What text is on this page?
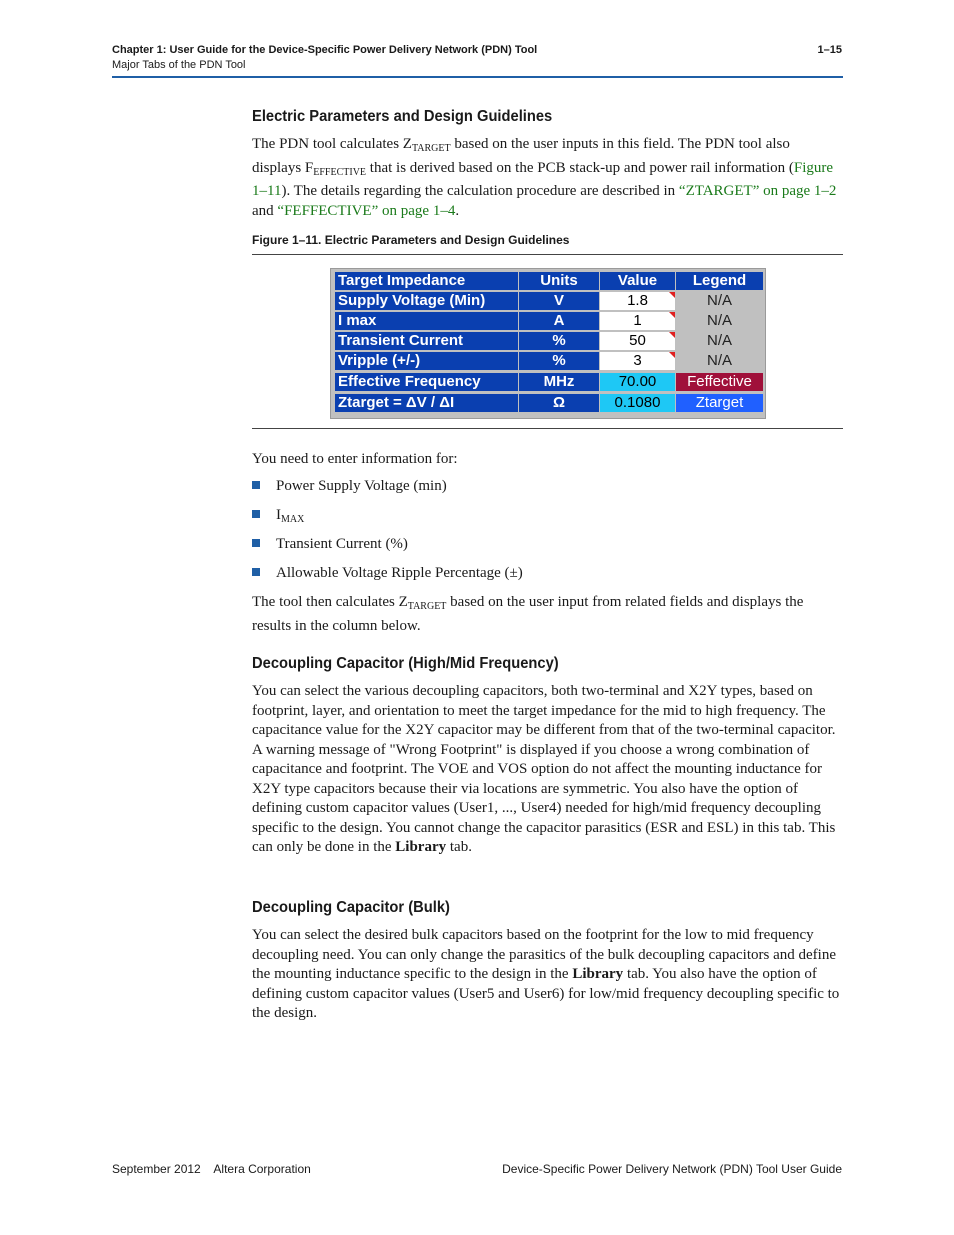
Chapter 1: User Guide for the Device-Specific Power Delivery Network (PDN) Tool
Major Tabs of the PDN Tool
1–15
Electric Parameters and Design Guidelines
The PDN tool calculates $Z_{TARGET}$ based on the user inputs in this field. The PDN tool also displays $F_{EFFECTIVE}$ that is derived based on the PCB stack-up and power rail information (Figure 1–11). The details regarding the calculation procedure are described in “ZTARGET” on page 1–2 and “FEFFECTIVE” on page 1–4.
Figure 1–11. Electric Parameters and Design Guidelines
Target Impedance	Units	Value	Legend
Supply Voltage (Min)	V	1.8	N/A
I max	A	1	N/A
Transient Current	%	50	N/A
Vripple (+/-)	%	3	N/A
Effective Frequency	MHz	70.00	Feffective
Ztarget = ΔV / ΔI	Ω	0.1080	Ztarget
You need to enter information for:
Power Supply Voltage (min)
$I_{MAX}$
Transient Current (%)
Allowable Voltage Ripple Percentage (±)
The tool then calculates $Z_{TARGET}$ based on the user input from related fields and displays the results in the column below.
Decoupling Capacitor (High/Mid Frequency)
You can select the various decoupling capacitors, both two-terminal and X2Y types, based on footprint, layer, and orientation to meet the target impedance for the mid to high frequency. The capacitance value for the X2Y capacitor may be different from that of the two-terminal capacitor. A warning message of "Wrong Footprint" is displayed if you choose a wrong combination of capacitance and footprint. The VOE and VOS option do not affect the mounting inductance for X2Y type capacitors because their via locations are symmetric. You also have the option of defining custom capacitor values (User1, ..., User4) needed for high/mid frequency decoupling specific to the design. You cannot change the capacitor parasitics (ESR and ESL) in this tab. This can only be done in the Library tab.
Decoupling Capacitor (Bulk)
You can select the desired bulk capacitors based on the footprint for the low to mid frequency decoupling need. You can only change the parasitics of the bulk decoupling capacitors and define the mounting inductance specific to the design in the Library tab. You also have the option of defining custom capacitor values (User5 and User6) for low/mid frequency decoupling specific to the design.
September 2012    Altera Corporation	Device-Specific Power Delivery Network (PDN) Tool User Guide
